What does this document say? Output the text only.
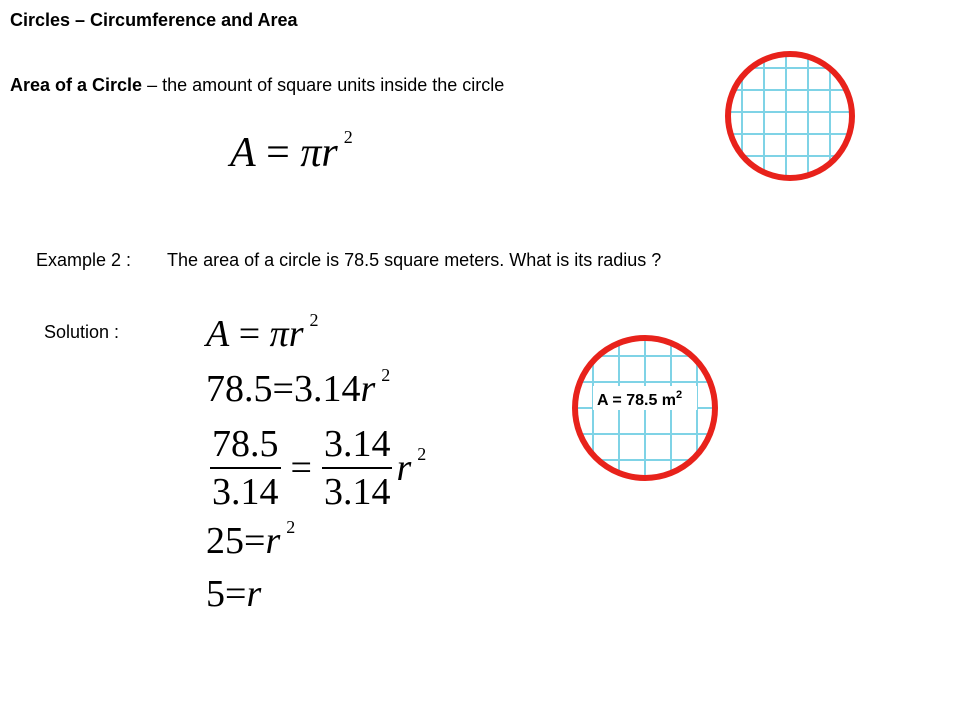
Circles – Circumference and Area
Area of a Circle – the amount of square units inside the circle
A = πr $^2$
Example 2 : The area of a circle is 78.5 square meters. What is its radius ?
Solution : A = πr $^2$
78.5=3.14r $^2$
$\frac{78.5}{3.14} = \frac{3.14}{3.14}$ r $^2$
25=r $^2$
5=r
A = 78.5 $m^2$
